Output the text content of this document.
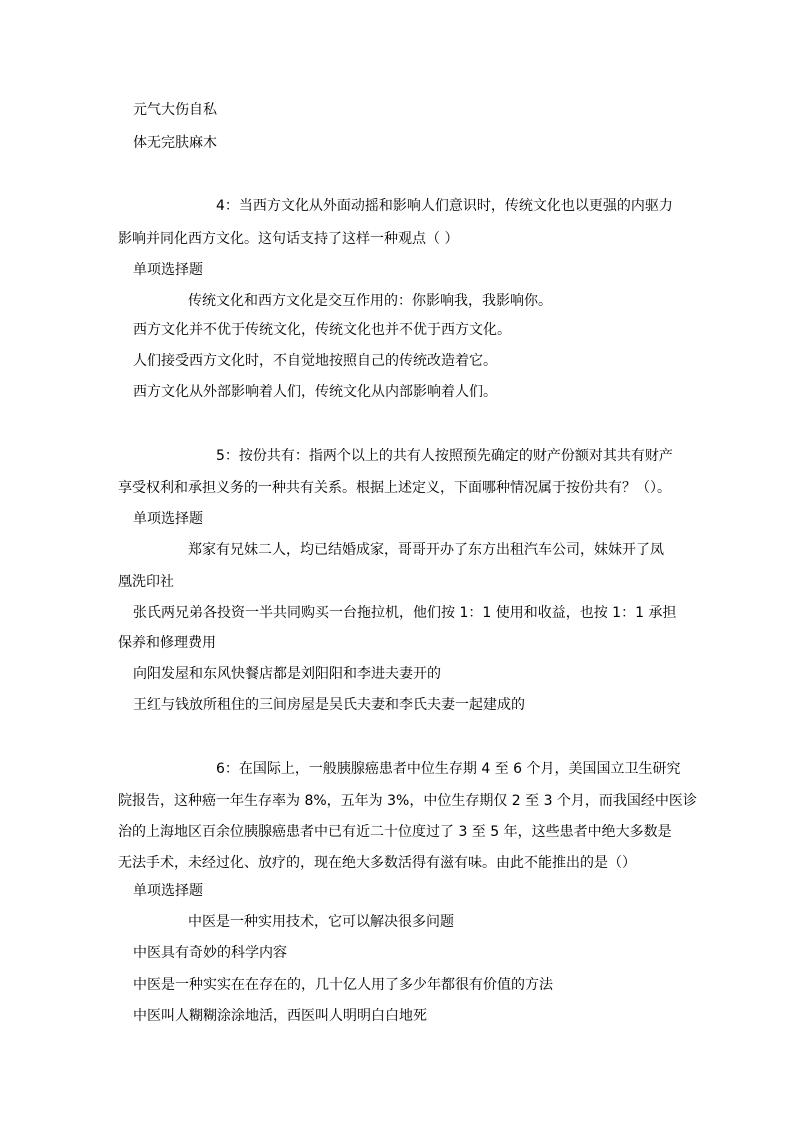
元气大伤自私
体无完肤麻木
4：当西方文化从外面动摇和影响人们意识时，传统文化也以更强的内驱力
影响并同化西方文化。这句话支持了这样一种观点（ ）
单项选择题
传统文化和西方文化是交互作用的：你影响我，我影响你。
西方文化并不优于传统文化，传统文化也并不优于西方文化。
人们接受西方文化时，不自觉地按照自己的传统改造着它。
西方文化从外部影响着人们，传统文化从内部影响着人们。
5：按份共有：指两个以上的共有人按照预先确定的财产份额对其共有财产
享受权利和承担义务的一种共有关系。根据上述定义，下面哪种情况属于按份共有？（）。
单项选择题
郑家有兄妹二人，均已结婚成家，哥哥开办了东方出租汽车公司，妹妹开了凤
凰洗印社
张氏两兄弟各投资一半共同购买一台拖拉机，他们按 1：1 使用和收益，也按 1：1 承担
保养和修理费用
向阳发屋和东风快餐店都是刘阳阳和李进夫妻开的
王红与钱放所租住的三间房屋是吴氏夫妻和李氏夫妻一起建成的
6：在国际上，一般胰腺癌患者中位生存期 4 至 6 个月，美国国立卫生研究
院报告，这种癌一年生存率为 8%，五年为 3%，中位生存期仅 2 至 3 个月，而我国经中医诊
治的上海地区百余位胰腺癌患者中已有近二十位度过了 3 至 5 年，这些患者中绝大多数是
无法手术，未经过化、放疗的，现在绝大多数活得有滋有味。由此不能推出的是（）
单项选择题
中医是一种实用技术，它可以解决很多问题
中医具有奇妙的科学内容
中医是一种实实在在存在的，几十亿人用了多少年都很有价值的方法
中医叫人糊糊涂涂地活，西医叫人明明白白地死
